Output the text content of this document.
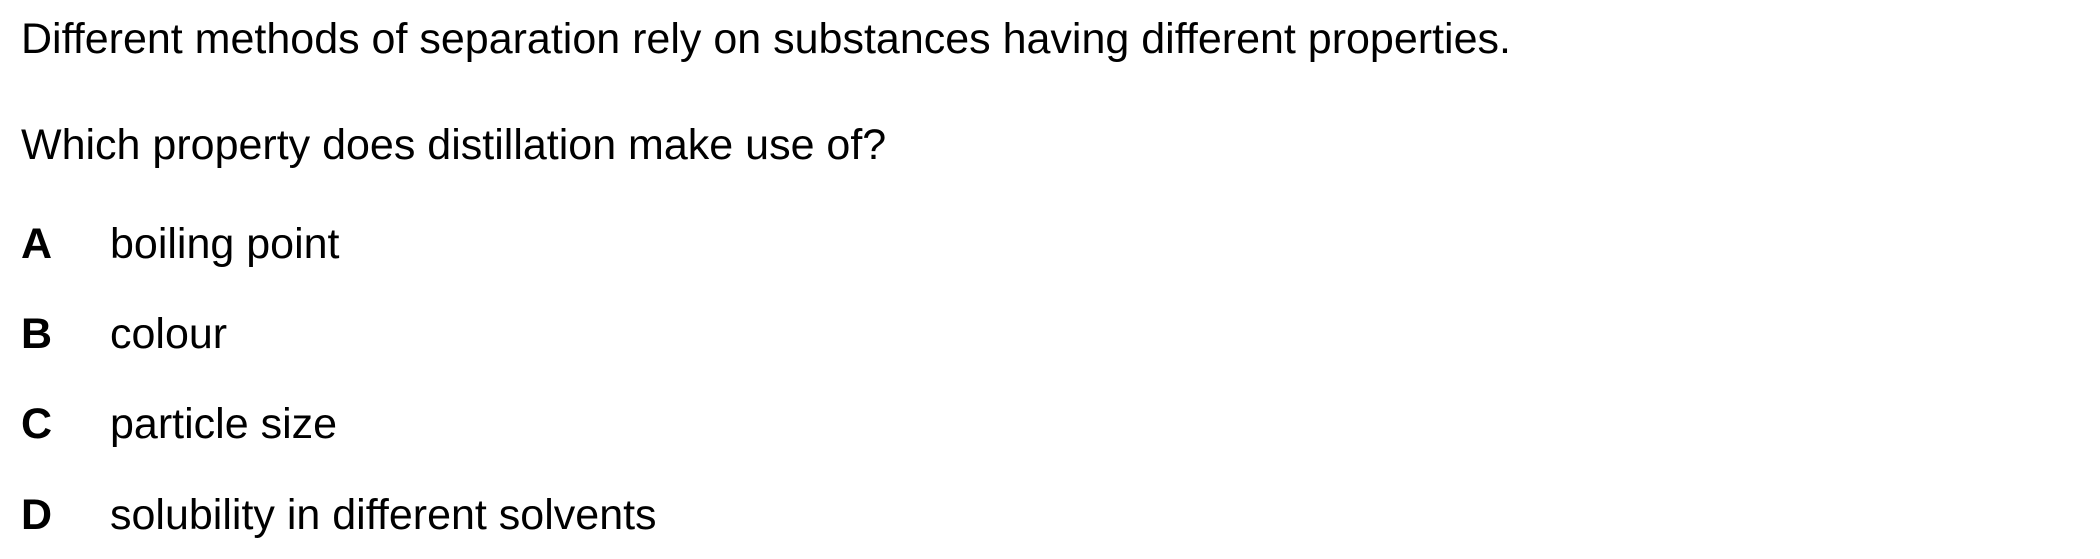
Different methods of separation rely on substances having different properties.
Which property does distillation make use of?
A boiling point
B colour
C particle size
D solubility in different solvents
